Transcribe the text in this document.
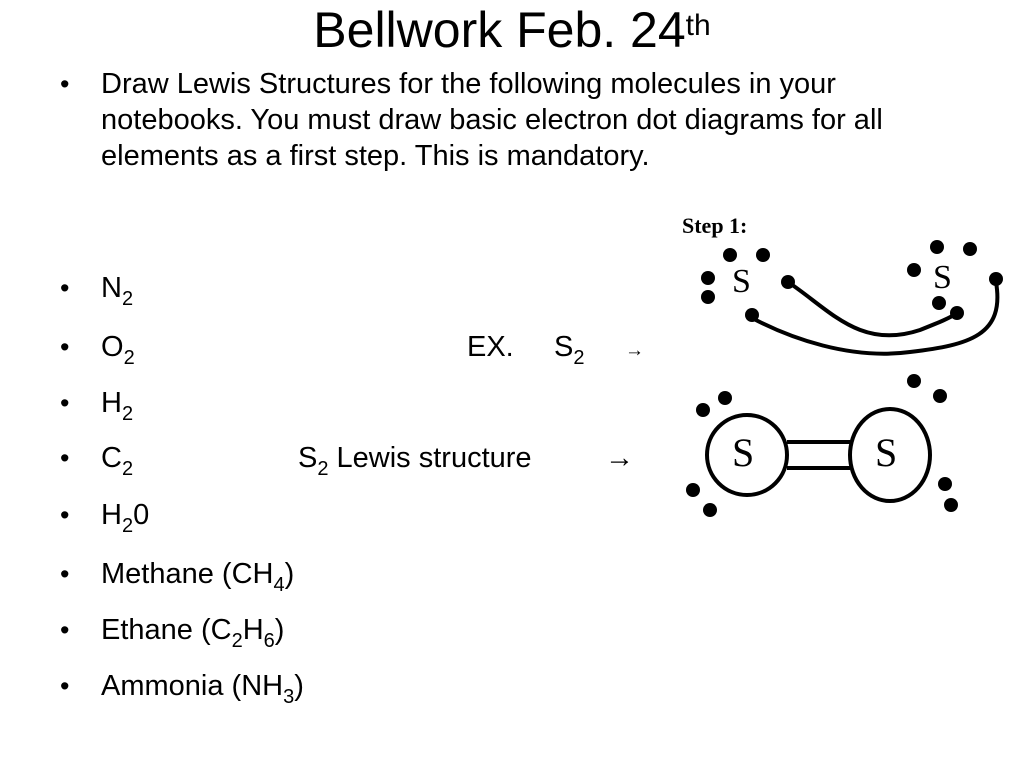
Bellwork Feb. 24th
• Draw Lewis Structures for the following molecules in your notebooks. You must draw basic electron dot diagrams for all elements as a first step. This is mandatory.
• $N_2$
• $O_2$
• $H_2$
• $C_2$
• $H_20$
• Methane $(CH_4)$
• Ethane $(C_2H_6)$
• Ammonia $(NH_3)$
EX. $S_2$ →
$S_2$ Lewis structure	→
Step 1:
S	S
S	S
